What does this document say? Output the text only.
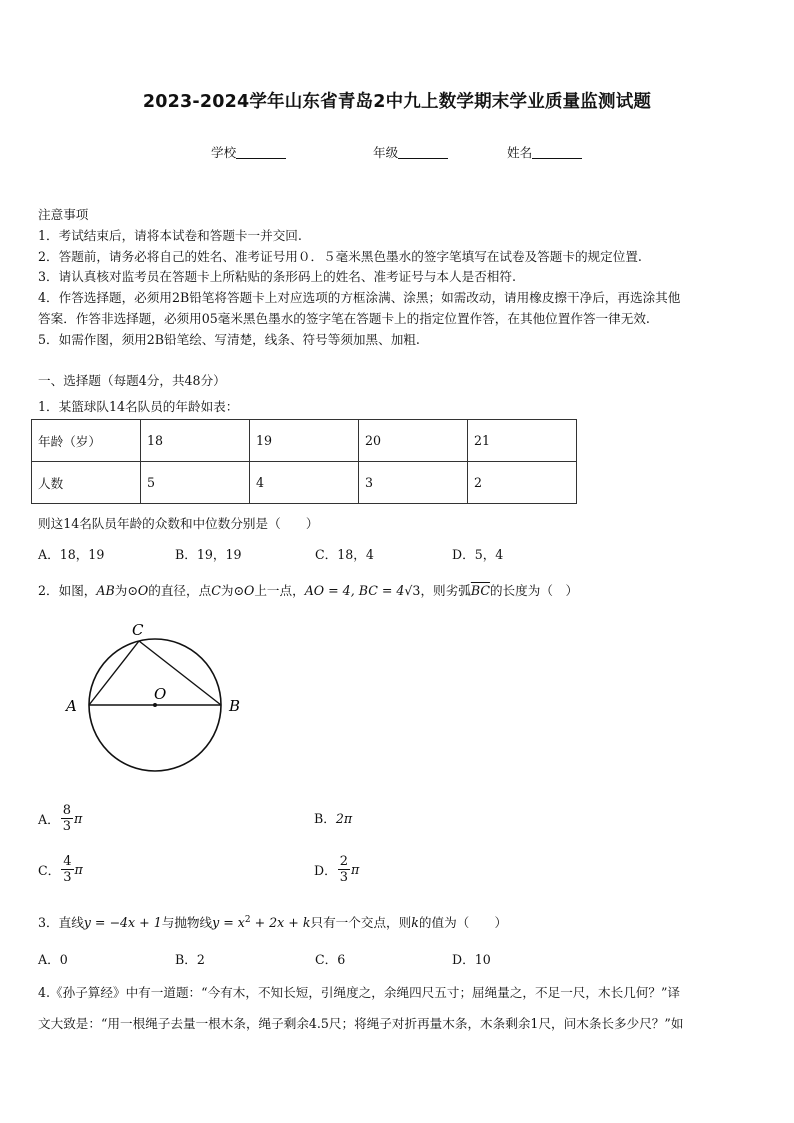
2023-2024学年山东省青岛2中九上数学期末学业质量监测试题
学校	年级	姓名
注意事项
1．考试结束后，请将本试卷和答题卡一并交回.
2．答题前，请务必将自己的姓名、准考证号用０．５毫米黑色墨水的签字笔填写在试卷及答题卡的规定位置.
3．请认真核对监考员在答题卡上所粘贴的条形码上的姓名、准考证号与本人是否相符.
4．作答选择题，必须用2B铅笔将答题卡上对应选项的方框涂满、涂黑；如需改动，请用橡皮擦干净后，再选涂其他
答案．作答非选择题，必须用05毫米黑色墨水的签字笔在答题卡上的指定位置作答，在其他位置作答一律无效.
5．如需作图，须用2B铅笔绘、写清楚，线条、符号等须加黑、加粗.
一、选择题（每题4分，共48分）
1．某篮球队14名队员的年龄如表：
年龄（岁）	18	19	20	21
人数	5	4	3	2
则这14名队员年龄的众数和中位数分别是（　　）
A．18，19	B．19，19	C．18，4	D．5，4
2．如图，AB为⊙O的直径，点C为⊙O上一点，AO = 4, BC = 4√3，则劣弧$\overline{BC}$的长度为（　）
A	B
C
O
A． $\frac{8}{3}$ π	B．2π
C． $\frac{4}{3}$ π	D． $\frac{2}{3}$ π
3．直线y = −4x + 1与抛物线$y = x^2 + 2x + k$只有一个交点，则k的值为（　　）
A．0	B．2	C．6	D．10
4.《孙子算经》中有一道题：“今有木，不知长短，引绳度之，余绳四尺五寸；屈绳量之，不足一尺，木长几何？”译
文大致是：“用一根绳子去量一根木条，绳子剩余4.5尺；将绳子对折再量木条，木条剩余1尺，问木条长多少尺？”如
